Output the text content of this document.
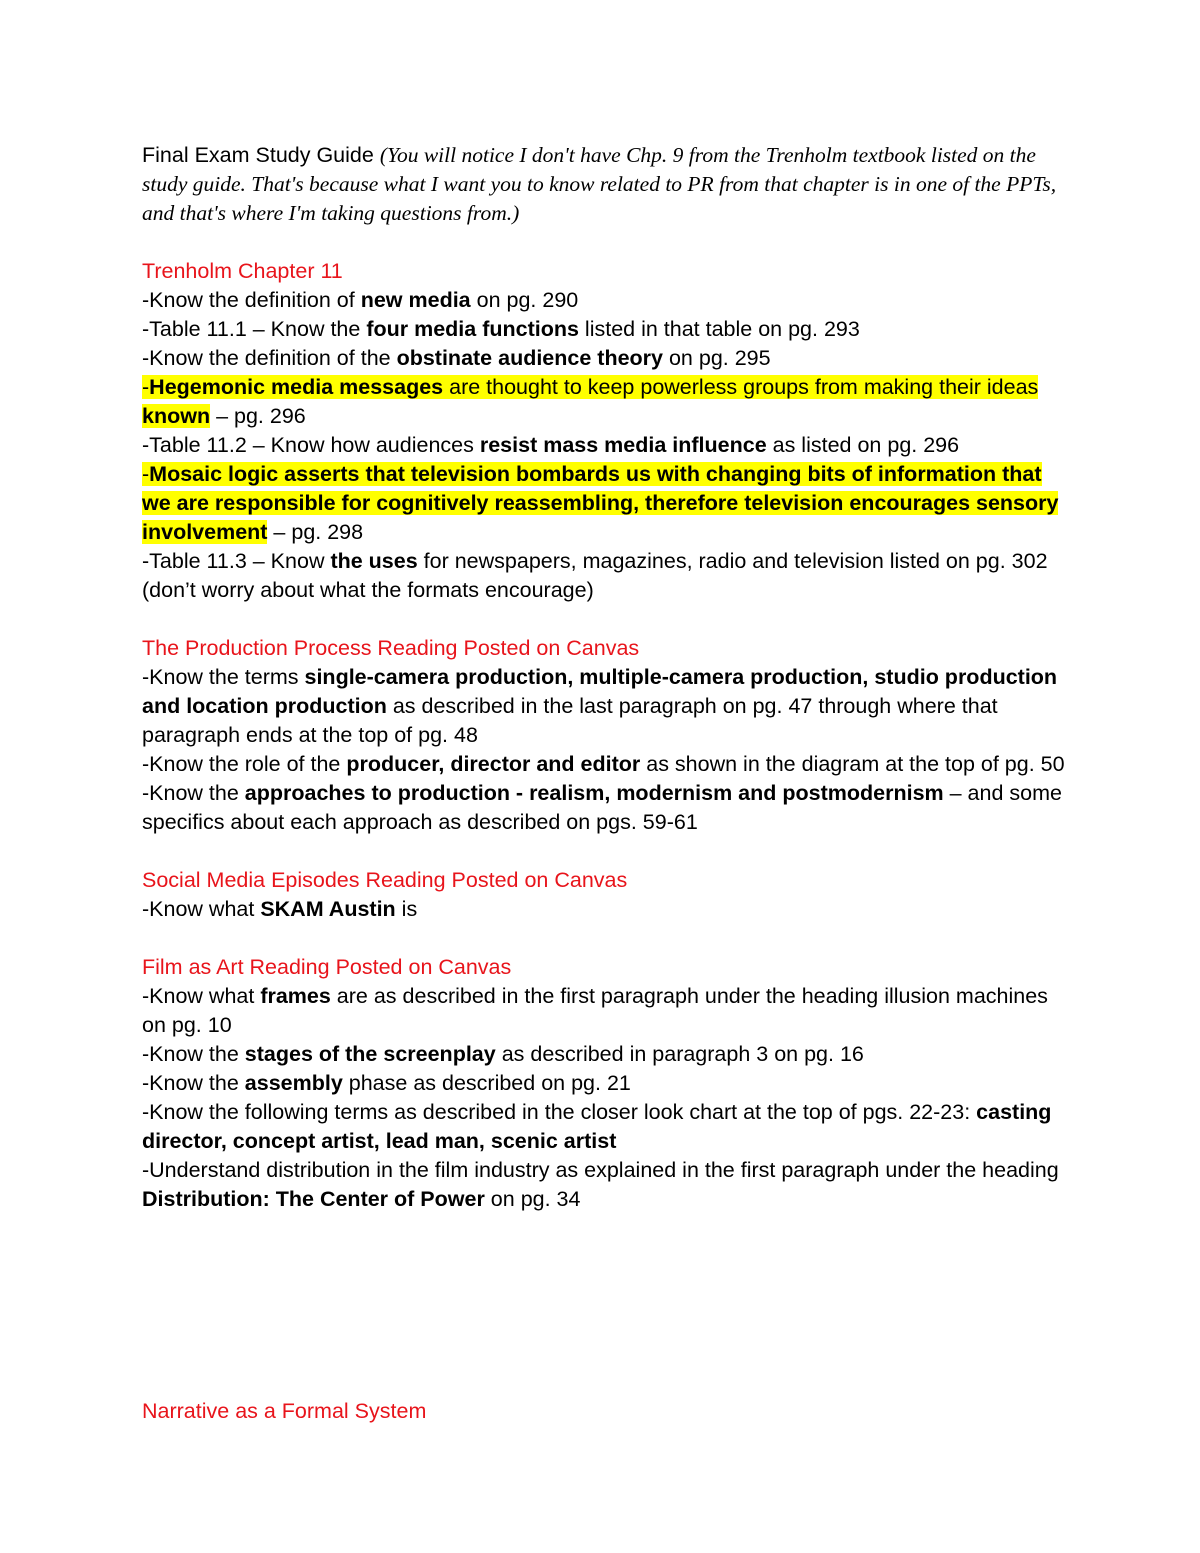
Final Exam Study Guide (You will notice I don't have Chp. 9 from the Trenholm textbook listed on the study guide. That's because what I want you to know related to PR from that chapter is in one of the PPTs, and that's where I'm taking questions from.)

Trenholm Chapter 11

-Know the definition of new media on pg. 290

-Table 11.1 – Know the four media functions listed in that table on pg. 293

-Know the definition of the obstinate audience theory on pg. 295

-Hegemonic media messages are thought to keep powerless groups from making their ideas known – pg. 296

-Table 11.2 – Know how audiences resist mass media influence as listed on pg. 296

-Mosaic logic asserts that television bombards us with changing bits of information that we are responsible for cognitively reassembling, therefore television encourages sensory involvement – pg. 298

-Table 11.3 – Know the uses for newspapers, magazines, radio and television listed on pg. 302 (don’t worry about what the formats encourage)

The Production Process Reading Posted on Canvas

-Know the terms single-camera production, multiple-camera production, studio production and location production as described in the last paragraph on pg. 47 through where that paragraph ends at the top of pg. 48

-Know the role of the producer, director and editor as shown in the diagram at the top of pg. 50

-Know the approaches to production - realism, modernism and postmodernism – and some specifics about each approach as described on pgs. 59-61

Social Media Episodes Reading Posted on Canvas

-Know what SKAM Austin is

Film as Art Reading Posted on Canvas

-Know what frames are as described in the first paragraph under the heading illusion machines on pg. 10

-Know the stages of the screenplay as described in paragraph 3 on pg. 16

-Know the assembly phase as described on pg. 21

-Know the following terms as described in the closer look chart at the top of pgs. 22-23: casting director, concept artist, lead man, scenic artist

-Understand distribution in the film industry as explained in the first paragraph under the heading Distribution: The Center of Power on pg. 34

Narrative as a Formal System
